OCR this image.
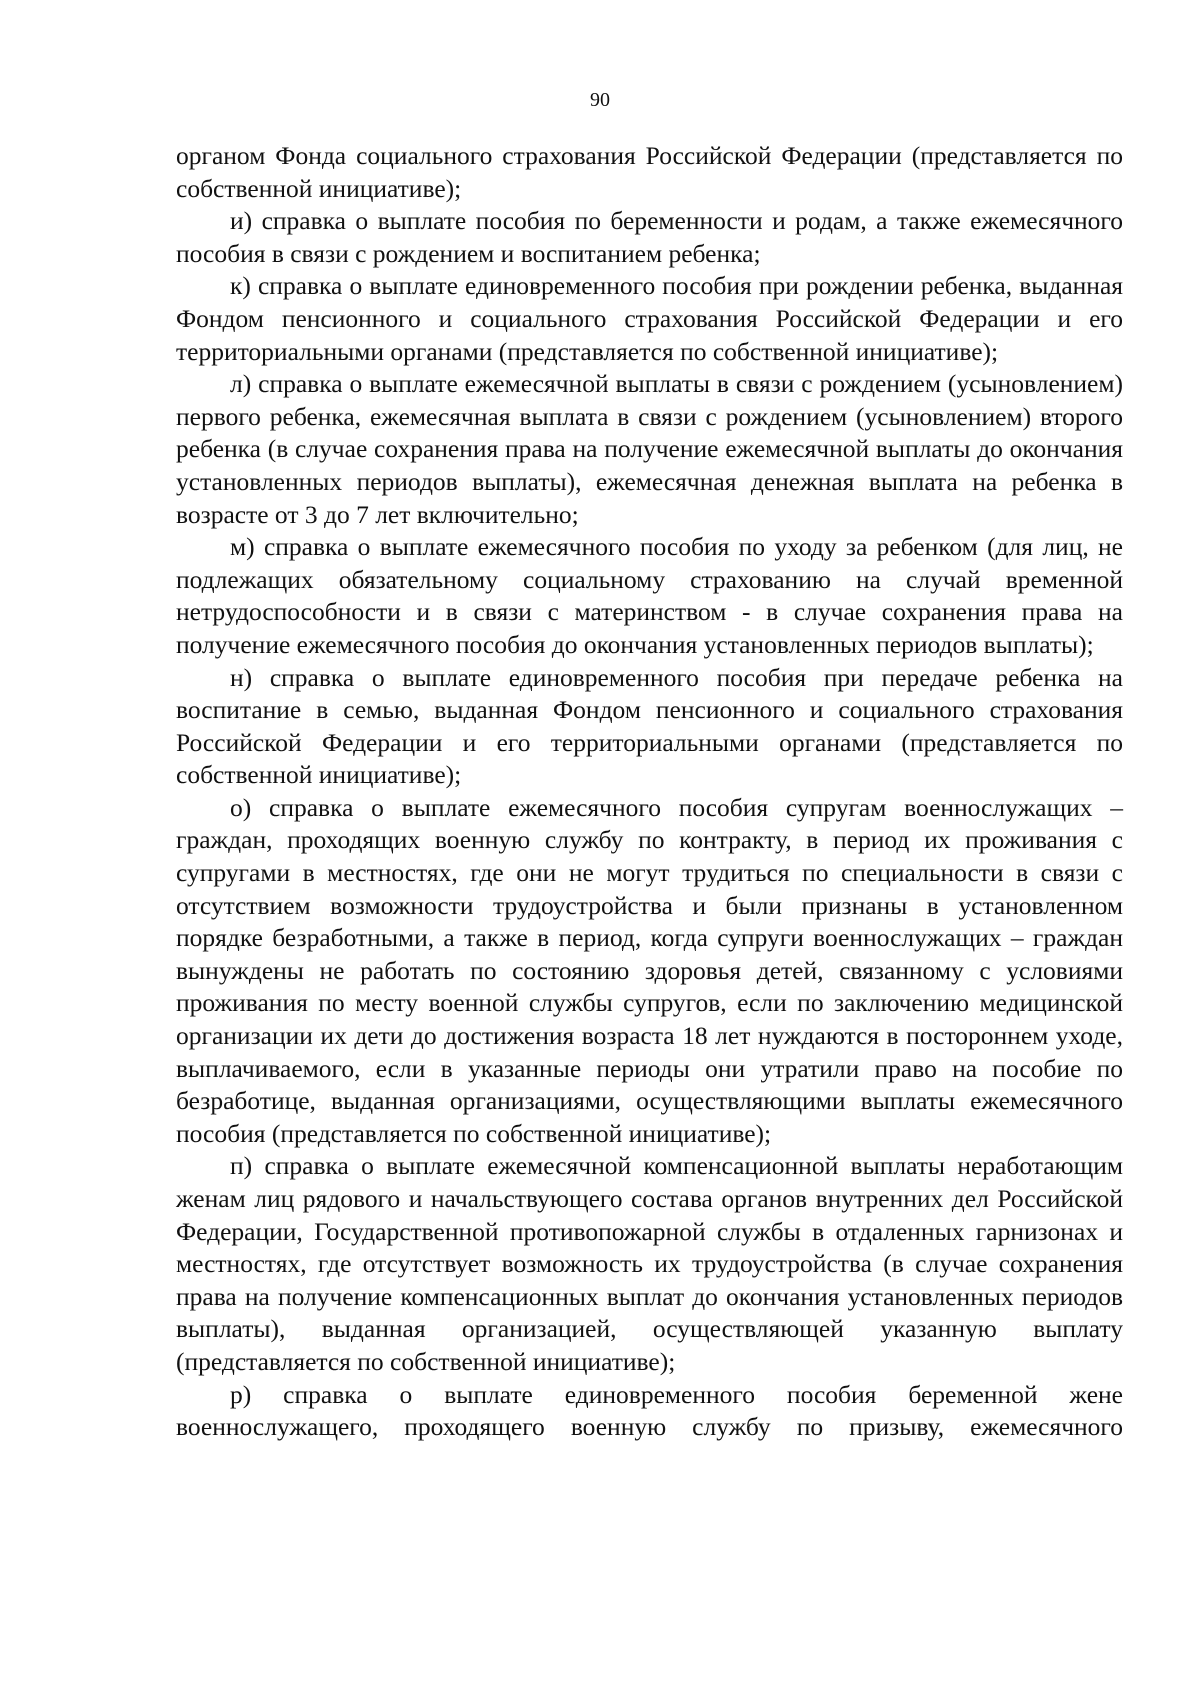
90

органом Фонда социального страхования Российской Федерации (представляется по собственной инициативе);

и) справка о выплате пособия по беременности и родам, а также ежемесячного пособия в связи с рождением и воспитанием ребенка;

к) справка о выплате единовременного пособия при рождении ребенка, выданная Фондом пенсионного и социального страхования Российской Федерации и его территориальными органами (представляется по собственной инициативе);

л) справка о выплате ежемесячной выплаты в связи с рождением (усыновлением) первого ребенка, ежемесячная выплата в связи с рождением (усыновлением) второго ребенка (в случае сохранения права на получение ежемесячной выплаты до окончания установленных периодов выплаты), ежемесячная денежная выплата на ребенка в возрасте от 3 до 7 лет включительно;

м) справка о выплате ежемесячного пособия по уходу за ребенком (для лиц, не подлежащих обязательному социальному страхованию на случай временной нетрудоспособности и в связи с материнством - в случае сохранения права на получение ежемесячного пособия до окончания установленных периодов выплаты);

н) справка о выплате единовременного пособия при передаче ребенка на воспитание в семью, выданная Фондом пенсионного и социального страхования Российской Федерации и его территориальными органами (представляется по собственной инициативе);

о) справка о выплате ежемесячного пособия супругам военнослужащих – граждан, проходящих военную службу по контракту, в период их проживания с супругами в местностях, где они не могут трудиться по специальности в связи с отсутствием возможности трудоустройства и были признаны в установленном порядке безработными, а также в период, когда супруги военнослужащих – граждан вынуждены не работать по состоянию здоровья детей, связанному с условиями проживания по месту военной службы супругов, если по заключению медицинской организации их дети до достижения возраста 18 лет нуждаются в постороннем уходе, выплачиваемого, если в указанные периоды они утратили право на пособие по безработице, выданная организациями, осуществляющими выплаты ежемесячного пособия (представляется по собственной инициативе);

п) справка о выплате ежемесячной компенсационной выплаты неработающим женам лиц рядового и начальствующего состава органов внутренних дел Российской Федерации, Государственной противопожарной службы в отдаленных гарнизонах и местностях, где отсутствует возможность их трудоустройства (в случае сохранения права на получение компенсационных выплат до окончания установленных периодов выплаты), выданная организацией, осуществляющей указанную выплату (представляется по собственной инициативе);

р) справка о выплате единовременного пособия беременной жене военнослужащего, проходящего военную службу по призыву, ежемесячного
